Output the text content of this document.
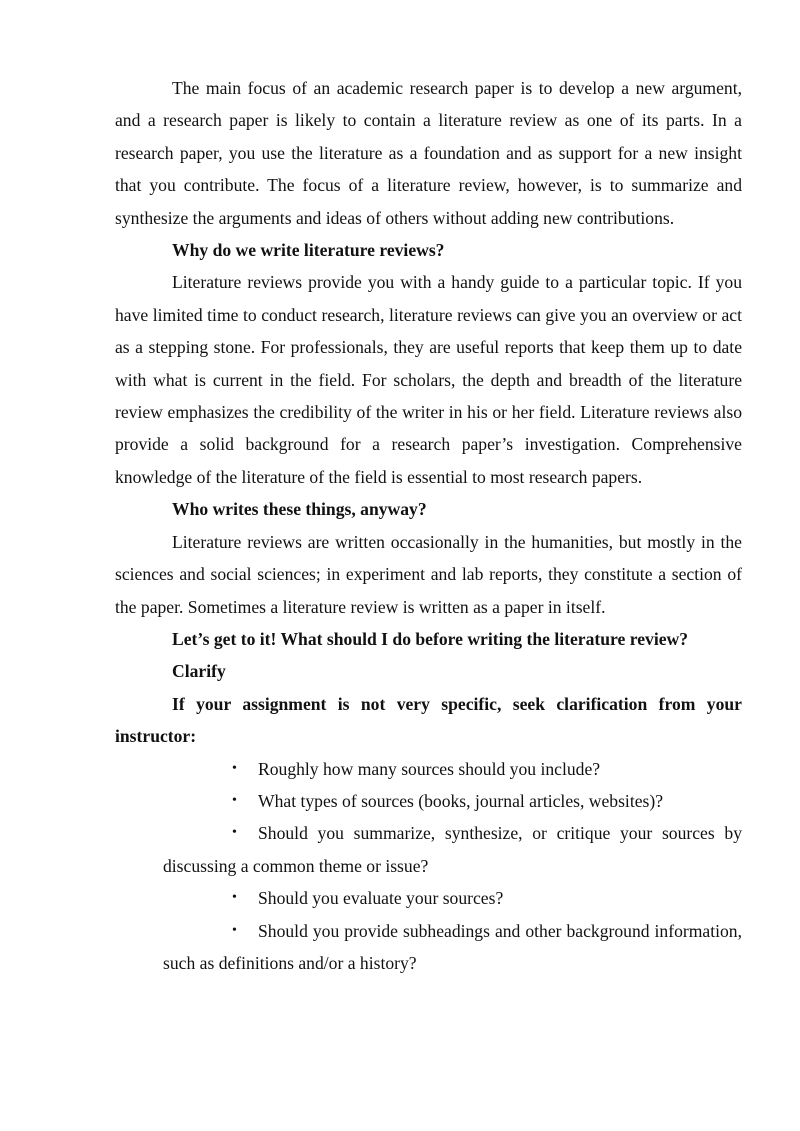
The main focus of an academic research paper is to develop a new argument, and a research paper is likely to contain a literature review as one of its parts. In a research paper, you use the literature as a foundation and as support for a new insight that you contribute. The focus of a literature review, however, is to summarize and synthesize the arguments and ideas of others without adding new contributions.

Why do we write literature reviews?

Literature reviews provide you with a handy guide to a particular topic. If you have limited time to conduct research, literature reviews can give you an overview or act as a stepping stone. For professionals, they are useful reports that keep them up to date with what is current in the field. For scholars, the depth and breadth of the literature review emphasizes the credibility of the writer in his or her field. Literature reviews also provide a solid background for a research paper’s investigation. Comprehensive knowledge of the literature of the field is essential to most research papers.

Who writes these things, anyway?

Literature reviews are written occasionally in the humanities, but mostly in the sciences and social sciences; in experiment and lab reports, they constitute a section of the paper. Sometimes a literature review is written as a paper in itself.

Let’s get to it! What should I do before writing the literature review?

Clarify

If your assignment is not very specific, seek clarification from your instructor:

• Roughly how many sources should you include?
• What types of sources (books, journal articles, websites)?
• Should you summarize, synthesize, or critique your sources by discussing a common theme or issue?
• Should you evaluate your sources?
• Should you provide subheadings and other background information, such as definitions and/or a history?
